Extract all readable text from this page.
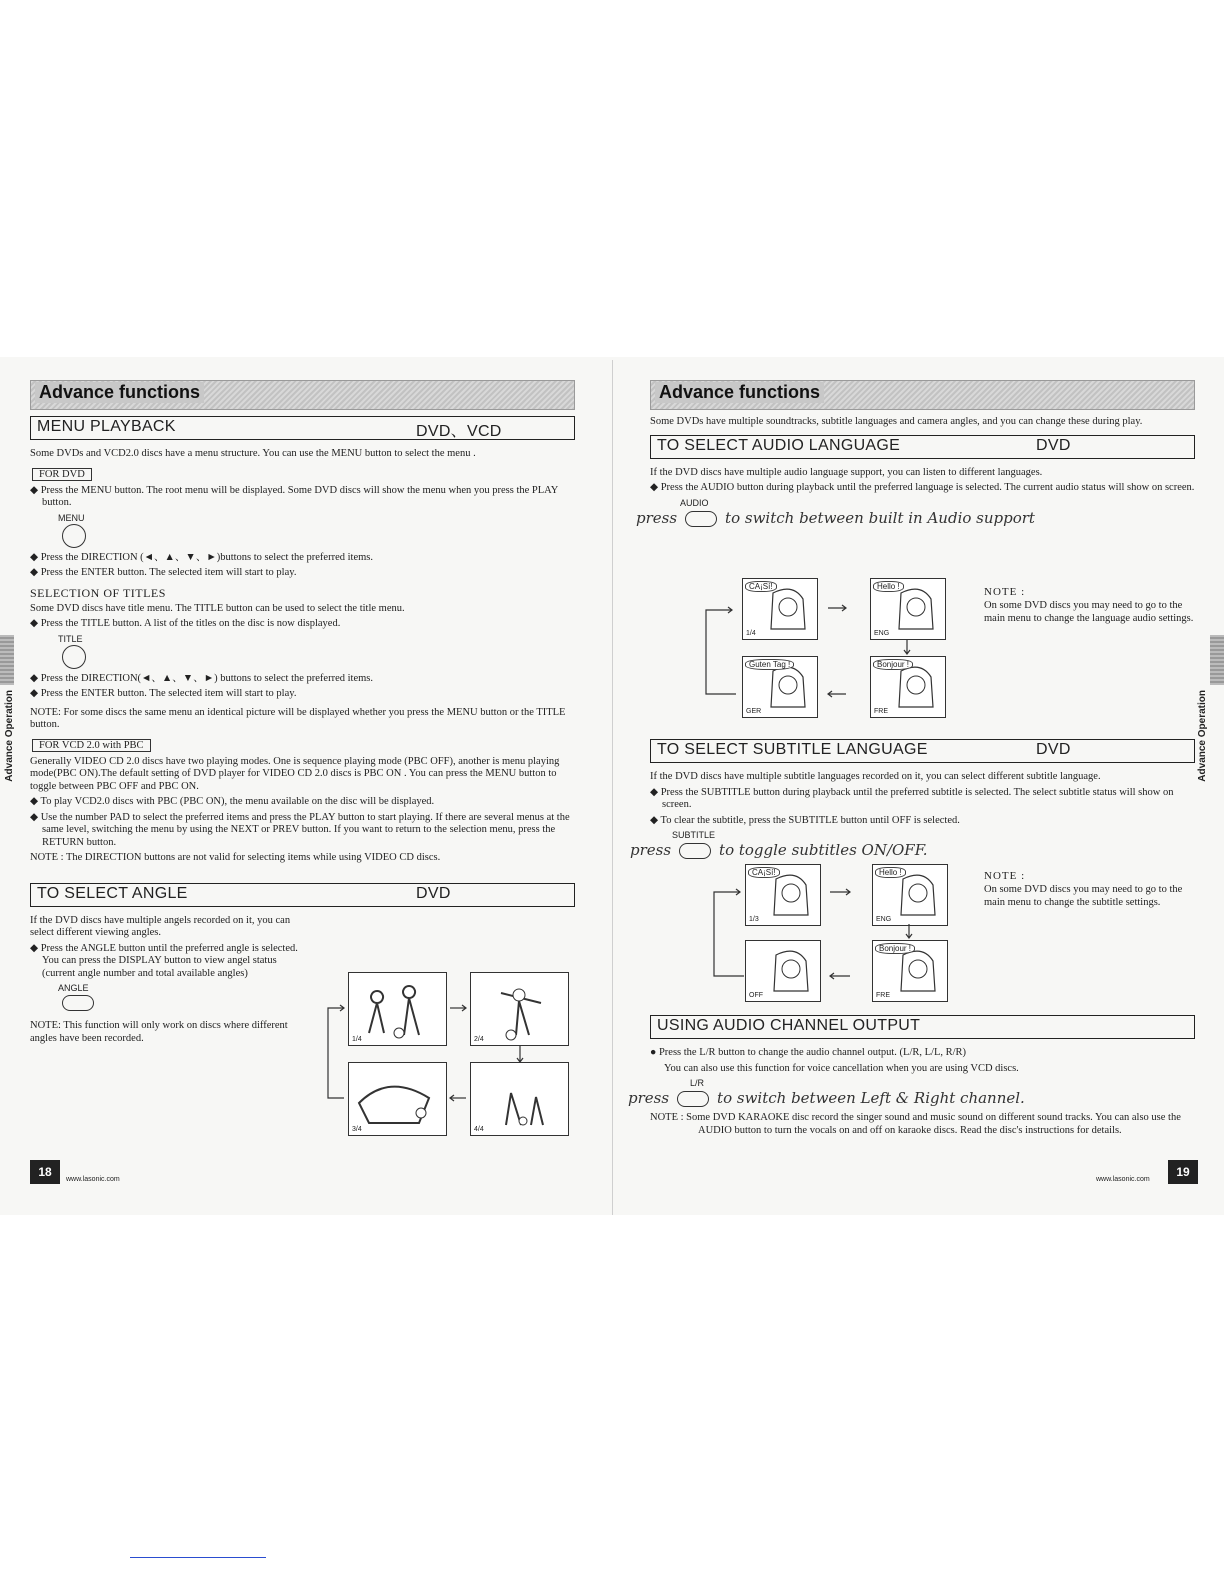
Advance functions
MENU PLAYBACK	DVD、VCD

Some DVDs and VCD2.0 discs have a menu structure. You can use the MENU button to select the menu .

FOR DVD

◆ Press the MENU button. The root menu will be displayed. Some DVD discs will show the menu when you press the PLAY button.

MENU

◆ Press the DIRECTION (◄、▲、▼、►)buttons to select the preferred items.

◆ Press the ENTER button. The selected item will start to play.

SELECTION OF TITLES

Some DVD discs have title menu. The TITLE button can be used to select the title menu.

◆ Press the TITLE button. A list of the titles on the disc is now displayed.

TITLE

◆ Press the DIRECTION(◄、▲、▼、►) buttons to select the preferred items.

◆ Press the ENTER button. The selected item will start to play.

NOTE: For some discs the same menu an identical picture will be displayed whether you press the MENU button or the TITLE button.

FOR VCD 2.0 with PBC

Generally VIDEO CD 2.0 discs have two playing modes. One is sequence playing mode (PBC OFF), another is menu playing mode(PBC ON).The default setting of DVD player for VIDEO CD 2.0 discs is PBC ON . You can press the MENU button to toggle between PBC OFF and PBC ON.

◆ To play VCD2.0 discs with PBC (PBC ON), the menu available on the disc will be displayed.

◆ Use the number PAD to select the preferred items and press the PLAY button to start playing. If there are several menus at the same level, switching the menu by using the NEXT or PREV button. If you want to return to the selection menu, press the RETURN button.

NOTE : The DIRECTION buttons are not valid for selecting items while using VIDEO CD discs.

TO SELECT ANGLE	DVD

If the DVD discs have multiple angels recorded on it, you can select different viewing angles.

◆ Press the ANGLE button until the preferred angle is selected. You can press the DISPLAY button to view angel status (current angle number and total available angles)

ANGLE

NOTE: This function will only work on discs where different angles have been recorded.	1/4	2/4
3/4	4/4
Advance Operation
18
www.lasonic.com
Advance functions

Some DVDs have multiple soundtracks, subtitle languages and camera angles, and you can change these during play.

TO SELECT AUDIO LANGUAGE	DVD

If the DVD discs have multiple audio language support, you can listen to different languages.

◆ Press the AUDIO button during playback until the preferred language is selected. The current audio status will show on screen.

AUDIO
press	to switch between built in Audio support
CA¡Sí!
1/4
Hello !
ENG
Guten Tag !
GER
Bonjour !
FRE
NOTE :
On some DVD discs you may need to go to the main menu to change the language audio settings.
TO SELECT SUBTITLE LANGUAGE	DVD

If the DVD discs have multiple subtitle languages recorded on it, you can select different subtitle language.

◆ Press the SUBTITLE button during playback until the preferred subtitle is selected. The select subtitle status will show on screen.

◆ To clear the subtitle, press the SUBTITLE button until OFF is selected.

SUBTITLE
press	to toggle subtitles ON/OFF.
CA¡Sí!
1/3
Hello !
ENG
OFF
Bonjour !
FRE
NOTE :
On some DVD discs you may need to go to the main menu to change the subtitle settings.
USING AUDIO CHANNEL OUTPUT

● Press the L/R button to change the audio channel output. (L/R, L/L, R/R)

You can also use this function for voice cancellation when you are using VCD discs.

L/R
press	to switch between Left & Right channel.

NOTE : Some DVD KARAOKE disc record the singer sound and music sound on different sound tracks. You can also use the AUDIO button to turn the vocals on and off on karaoke discs. Read the disc's instructions for details.

Advance Operation
www.lasonic.com
19
